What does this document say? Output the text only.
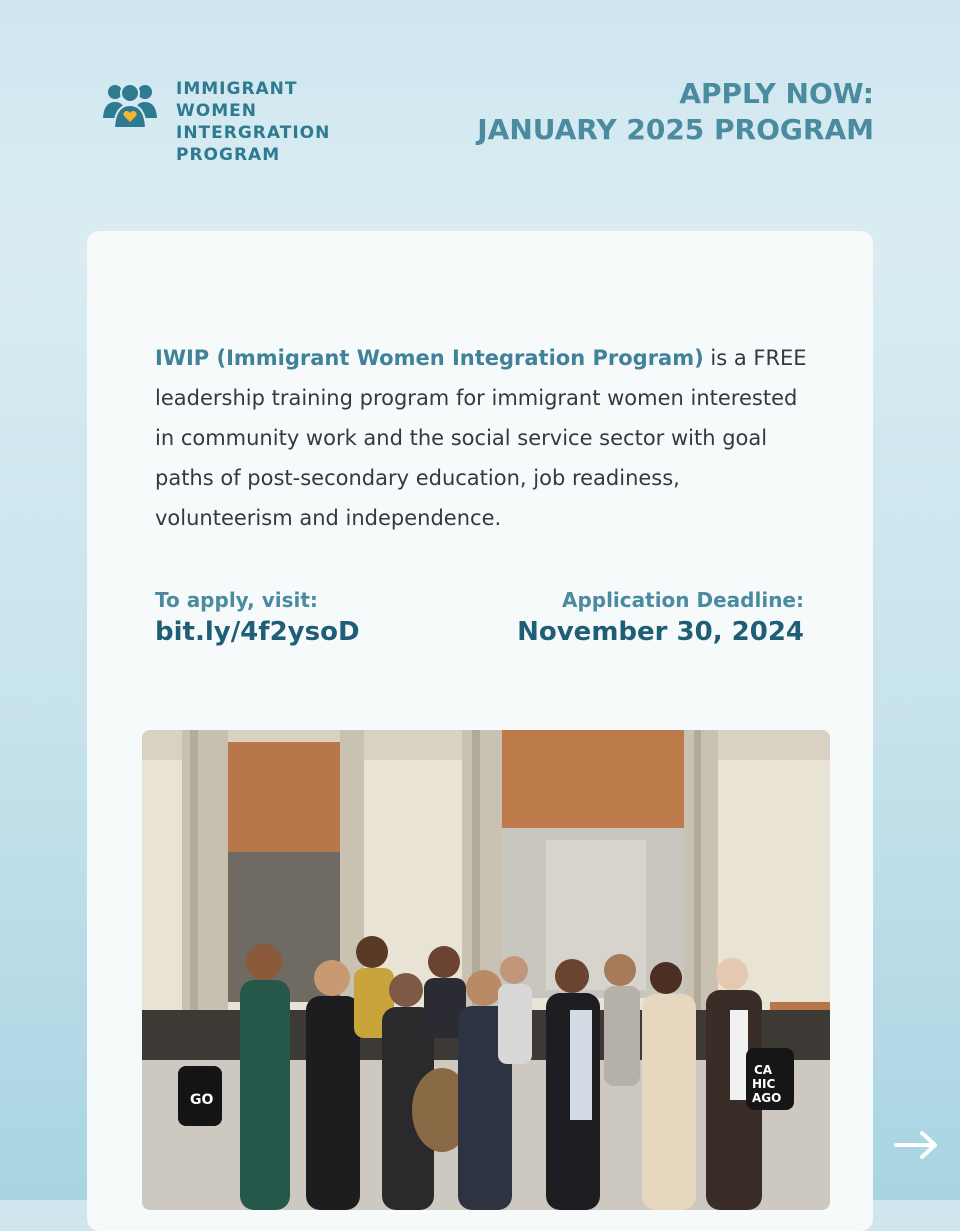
IMMIGRANT
WOMEN
INTERGRATION
PROGRAM
APPLY NOW:
JANUARY 2025 PROGRAM

IWIP (Immigrant Women Integration Program) is a FREE leadership training program for immigrant women interested in community work and the social service sector with goal paths of post-secondary education, job readiness, volunteerism and independence.

To apply, visit:
bit.ly/4f2ysoD
Application Deadline:
November 30, 2024
GO
CA
HIC
AGO
